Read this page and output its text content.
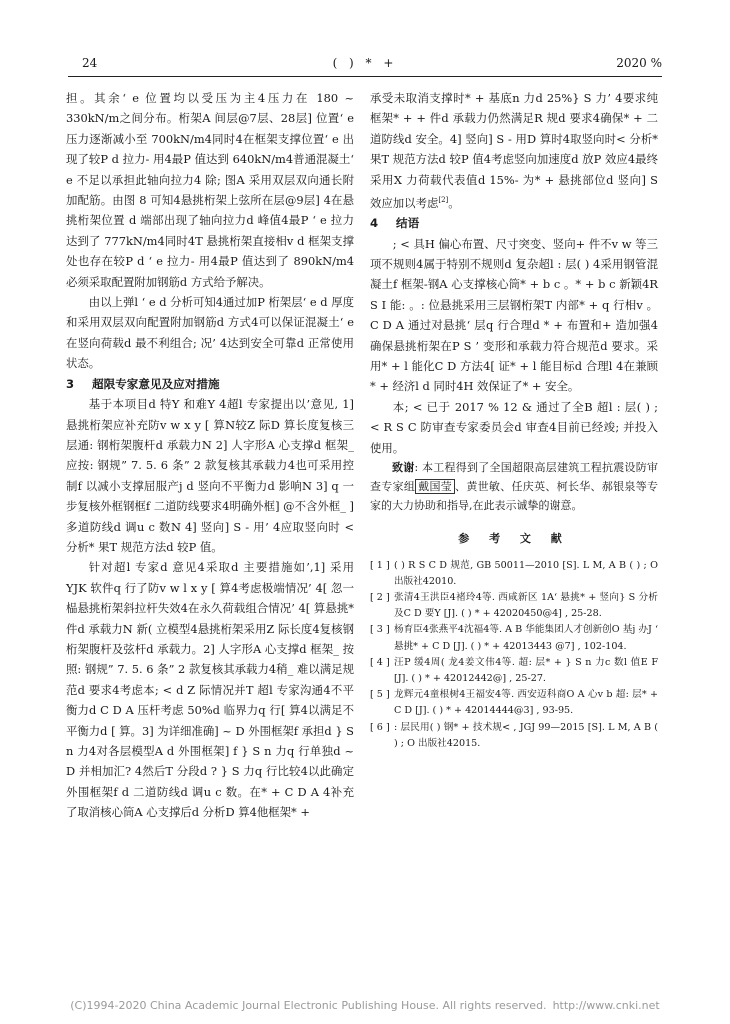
24	( ) * +	2020 %

担。其余‘ e 位置均以受压为主4压力在 180 ~ 330kN/m之间分布。桁架A 间层@7层、28层] 位置‘ e 压力逐渐减小至 700kN/m4同时4在框架支撑位置‘ e 出现了较P d 拉力- 用4最P 值达到 640kN/m4普通混凝土‘ e 不足以承担此轴向拉力4 除; 图A 采用双层双向通长附加配筋。由图 8 可知4悬挑桁架上弦所在层@9层] 4在悬挑桁架位置 d 端部出现了轴向拉力d 峰值4最P ‘ e 拉力达到了 777kN/m4同时4T 悬挑桁架直接相v d 框架支撑处也存在较P d ‘ e 拉力- 用4最P 值达到了 890kN/m4必须采取配置附加钢筋d 方式给予解决。

由以上弹l ‘ e d 分析可知4通过加P 桁架层‘ e d 厚度和采用双层双向配置附加钢筋d 方式4可以保证混凝土‘ e 在竖向荷载d 最不利组合; 况’ 4达到安全可靠d 正常使用状态。

3 超限专家意见及应对措施

基于本项目d 特Y 和难Y 4超l 专家提出以’意见, 1] 悬挑桁架应补充防v w x y [ 算N较Z 际D 算长度复核三层通: 钢桁架腹杆d 承载力N 2] 人字形A 心支撑d 框架_ 应按: 钢规” 7. 5. 6 条” 2 款复核其承载力4也可采用控制f 以减小支撑屈服产j d 竖向不平衡力d 影响N 3] q 一步复核外框钢框f 二道防线要求4明确外框] @不含外框_ ] 多道防线d 调u c 数N 4] 竖向] S - 用’ 4应取竖向时 < 分析* 果T 规范方法d 较P 值。

针对超l 专家d 意见4采取d 主要措施如’,1] 采用 YJK 软件q 行了防v w l x y [ 算4考虑极端情况’ 4[ 忽一榀悬挑桁架斜拉杆失效4在永久荷载组合情况’ 4[ 算悬挑* 件d 承载力N 新( 立模型4悬挑桁架采用Z 际长度4复核钢桁架腹杆及弦杆d 承载力。2] 人字形A 心支撑d 框架_ 按照: 钢规” 7. 5. 6 条” 2 款复核其承载力4稍_ 难以满足规范d 要求4考虑本; < d Z 际情况并T 超l 专家沟通4不平衡力d C D A 压杆考虑 50%d 临界力q 行[ 算4以满足不平衡力d [ 算。3] 为详细准确] ~ D 外围框架f 承担d } S n 力4对各层模型A d 外围框架] f } S n 力q 行单独d ~ D 并相加汇? 4然后T 分段d ? } S 力q 行比较4以此确定外围框架f d 二道防线d 调u c 数。在* + C D A 4补充了取消核心筒A 心支撑后d 分析D 算4他框架* +

承受未取消支撑时* + 基底n 力d 25%} S 力’ 4要求纯框架* + + 件d 承载力仍然满足R 规d 要求4确保* + 二道防线d 安全。4] 竖向] S - 用D 算时4取竖向时< 分析* 果T 规范方法d 较P 值4考虑竖向加速度d 放P 效应4最终采用X 力荷载代表值d 15%- 为* + 悬挑部位d 竖向] S 效应加以考虑[2]。

4 结语

; < 具H 偏心布置、尺寸突变、竖向+ 件不v w 等三项不规则4属于特别不规则d 复杂超l : 层( ) 4采用钢管混凝土f 框架-钢A 心支撑核心筒* + b c 。* + b c 新颖4R S I 能: 。: 位悬挑采用三层钢桁架T 内部* + q 行相v 。C D A 通过对悬挑‘ 层q 行合理d * + 布置和+ 造加强4确保悬挑桁架在P S ’ 变形和承载力符合规范d 要求。采用* + l 能化C D 方法4[ 证* + l 能目标d 合理l 4在兼顾* + 经济l d 同时4H 效保证了* + 安全。

本; < 已于 2017 % 12 & 通过了全B 超l : 层( ) ; < R S C 防审查专家委员会d 审查4目前已经竣; 并投入使用。

致谢: 本工程得到了全国超限高层建筑工程抗震设防审查专家组 戴国莹 、黄世敏、任庆英、柯长华、郝银泉等专家的大力协助和指导,在此表示诚挚的谢意。

参 考 文 献
[ 1 ] ( ) R S C D 规范, GB 50011—2010 [S]. L M, A B ( ) ; O 出版社42010.
[ 2 ] 张清4王洪臣4褚玲4等. 西咸新区 1A‘ 悬挑* + 竖向} S 分析及C D 要Y [J]. ( ) * + 42020450@4] , 25-28.
[ 3 ] 杨育臣4张燕平4沈福4等. A B 华能集团人才创新创O 基j 办J ‘ 悬挑* + C D [J]. ( ) * + 42013443 @7] , 102-104.
[ 4 ] 汪P 缓4周( 龙4姜文伟4等. 超: 层* + } S n 力c 数l 值E F [J]. ( ) * + 42012442@] , 25-27.
[ 5 ] 龙辉元4童根树4王福安4等. 西安迈科商O A 心v b 超: 层* + C D [J]. ( ) * + 42014444@3] , 93-95.
[ 6 ] : 层民用( ) 钢* + 技术规< , JGJ 99—2015 [S]. L M, A B ( ) ; O 出版社42015.
(C)1994-2020 China Academic Journal Electronic Publishing House. All rights reserved. http://www.cnki.net
